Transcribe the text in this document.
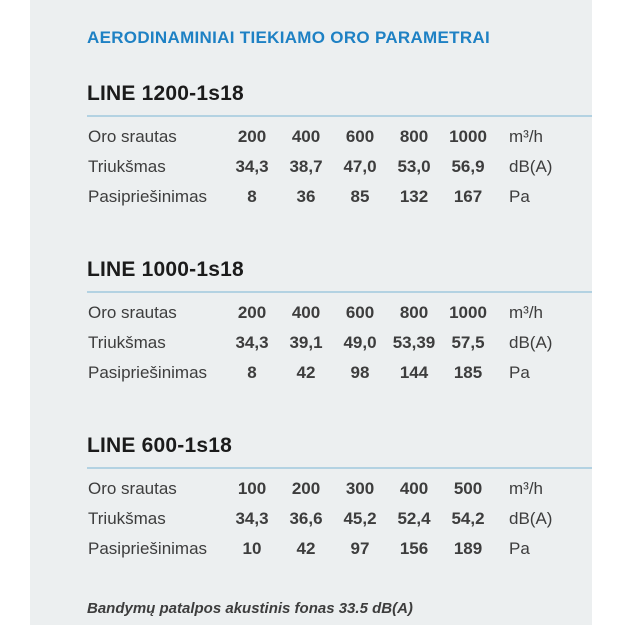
AERODINAMINIAI TIEKIAMO ORO PARAMETRAI
LINE 1200-1s18
Oro srautas	200	400	600	800	1000	m³/h
Triukšmas	34,3	38,7	47,0	53,0	56,9	dB(A)
Pasipriešinimas	8	36	85	132	167	Pa
LINE 1000-1s18
Oro srautas	200	400	600	800	1000	m³/h
Triukšmas	34,3	39,1	49,0	53,39	57,5	dB(A)
Pasipriešinimas	8	42	98	144	185	Pa
LINE 600-1s18
Oro srautas	100	200	300	400	500	m³/h
Triukšmas	34,3	36,6	45,2	52,4	54,2	dB(A)
Pasipriešinimas	10	42	97	156	189	Pa

Bandymų patalpos akustinis fonas 33.5 dB(A)
